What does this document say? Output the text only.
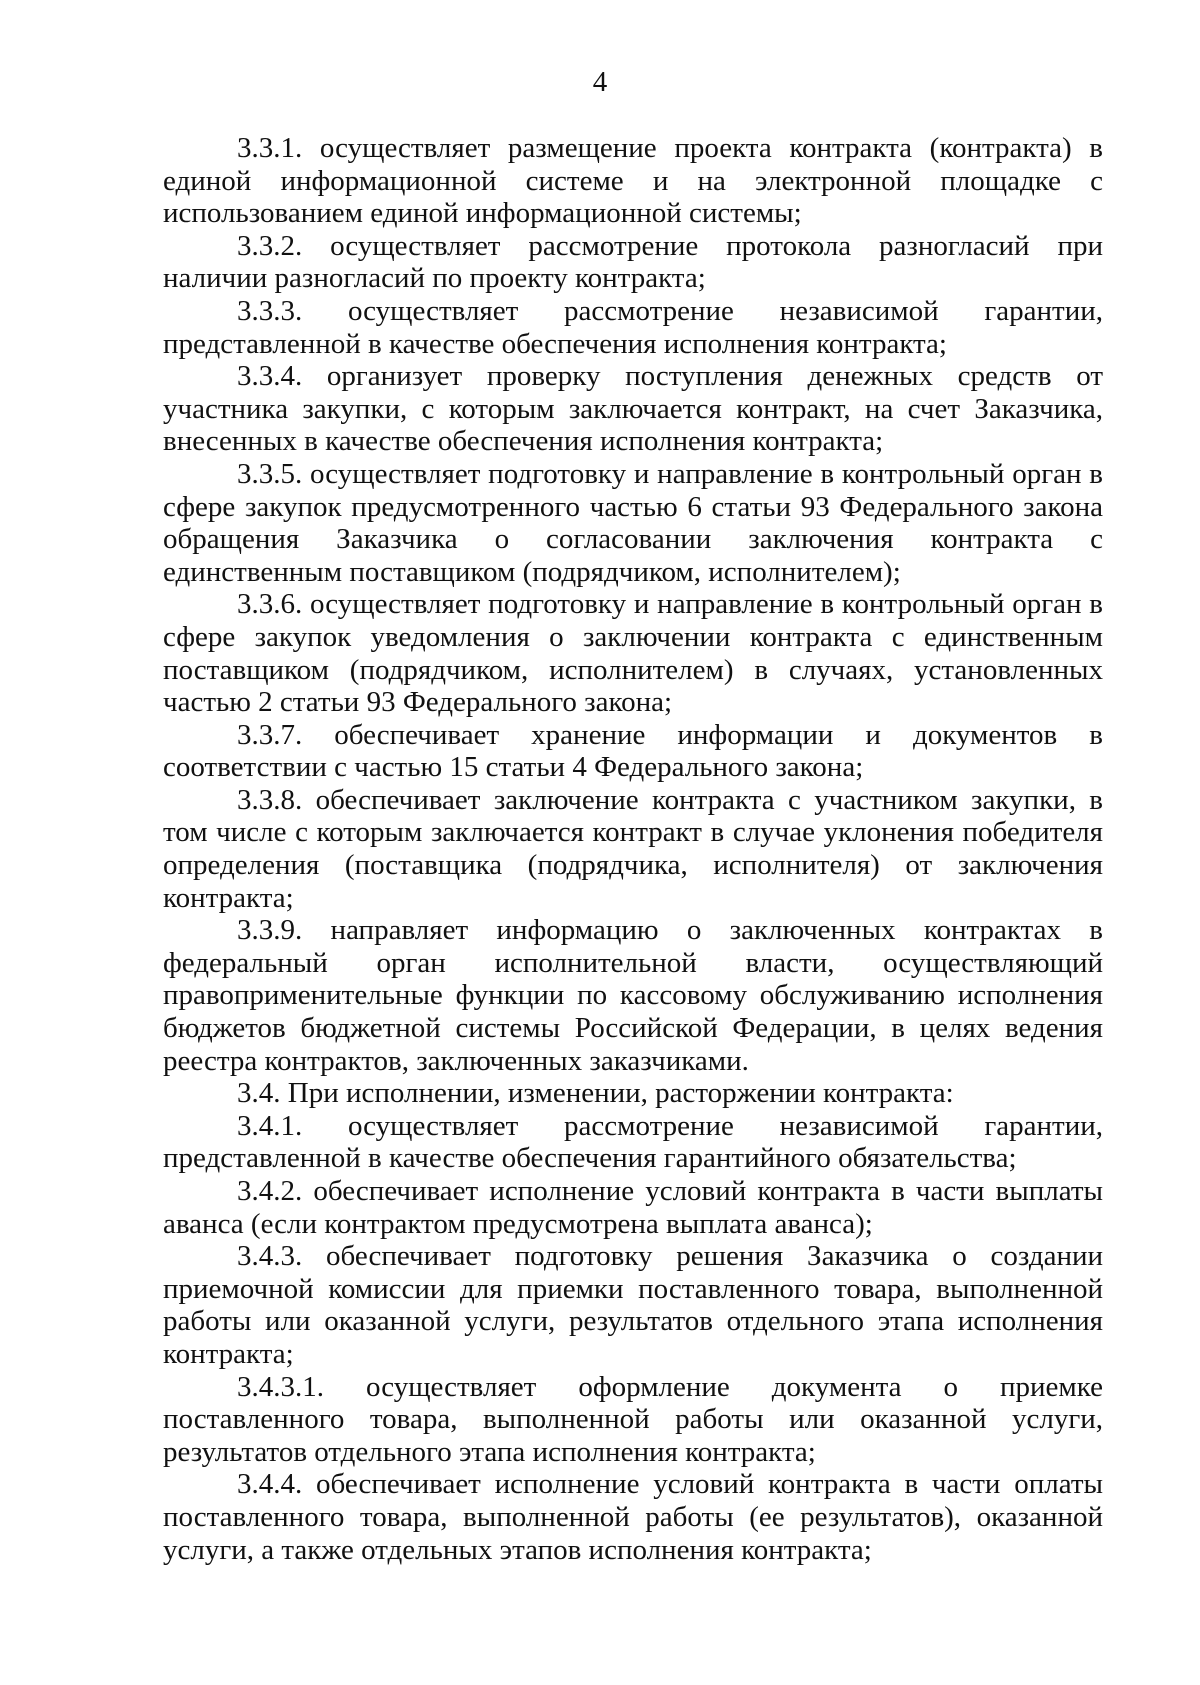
4

3.3.1. осуществляет размещение проекта контракта (контракта) в единой информационной системе и на электронной площадке с использованием единой информационной системы;

3.3.2. осуществляет рассмотрение протокола разногласий при наличии разногласий по проекту контракта;

3.3.3. осуществляет рассмотрение независимой гарантии, представленной в качестве обеспечения исполнения контракта;

3.3.4. организует проверку поступления денежных средств от участника закупки, с которым заключается контракт, на счет Заказчика, внесенных в качестве обеспечения исполнения контракта;

3.3.5. осуществляет подготовку и направление в контрольный орган в сфере закупок предусмотренного частью 6 статьи 93 Федерального закона обращения Заказчика о согласовании заключения контракта с единственным поставщиком (подрядчиком, исполнителем);

3.3.6. осуществляет подготовку и направление в контрольный орган в сфере закупок уведомления о заключении контракта с единственным поставщиком (подрядчиком, исполнителем) в случаях, установленных частью 2 статьи 93 Федерального закона;

3.3.7. обеспечивает хранение информации и документов в соответствии с частью 15 статьи 4 Федерального закона;

3.3.8. обеспечивает заключение контракта с участником закупки, в том числе с которым заключается контракт в случае уклонения победителя определения (поставщика (подрядчика, исполнителя) от заключения контракта;

3.3.9. направляет информацию о заключенных контрактах в федеральный орган исполнительной власти, осуществляющий правоприменительные функции по кассовому обслуживанию исполнения бюджетов бюджетной системы Российской Федерации, в целях ведения реестра контрактов, заключенных заказчиками.

3.4. При исполнении, изменении, расторжении контракта:

3.4.1. осуществляет рассмотрение независимой гарантии, представленной в качестве обеспечения гарантийного обязательства;

3.4.2. обеспечивает исполнение условий контракта в части выплаты аванса (если контрактом предусмотрена выплата аванса);

3.4.3. обеспечивает подготовку решения Заказчика о создании приемочной комиссии для приемки поставленного товара, выполненной работы или оказанной услуги, результатов отдельного этапа исполнения контракта;

3.4.3.1. осуществляет оформление документа о приемке поставленного товара, выполненной работы или оказанной услуги, результатов отдельного этапа исполнения контракта;

3.4.4. обеспечивает исполнение условий контракта в части оплаты поставленного товара, выполненной работы (ее результатов), оказанной услуги, а также отдельных этапов исполнения контракта;
